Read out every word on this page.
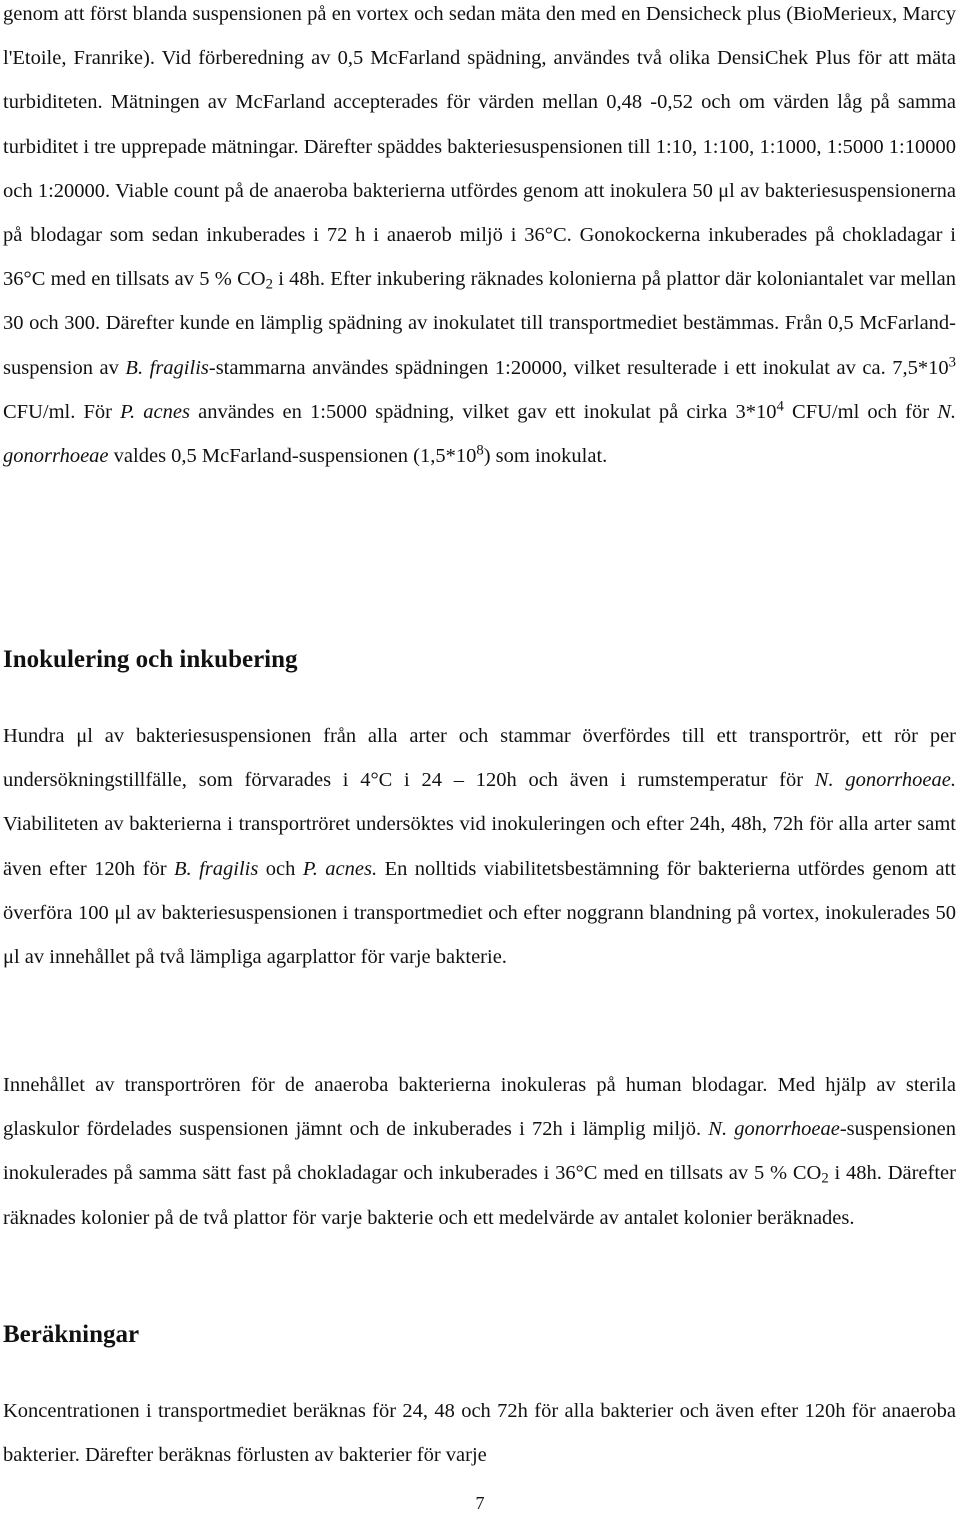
genom att först blanda suspensionen på en vortex och sedan mäta den med en Densicheck plus (BioMerieux, Marcy l'Etoile, Franrike). Vid förberedning av 0,5 McFarland spädning, användes två olika DensiChek Plus för att mäta turbiditeten. Mätningen av McFarland accepterades för värden mellan 0,48 -0,52 och om värden låg på samma turbiditet i tre upprepade mätningar. Därefter späddes bakteriesuspensionen till 1:10, 1:100, 1:1000, 1:5000 1:10000 och 1:20000. Viable count på de anaeroba bakterierna utfördes genom att inokulera 50 μl av bakteriesuspensionerna på blodagar som sedan inkuberades i 72 h i anaerob miljö i 36°C. Gonokockerna inkuberades på chokladagar i 36°C med en tillsats av 5 % $CO_2$ i 48h. Efter inkubering räknades kolonierna på plattor där koloniantalet var mellan 30 och 300. Därefter kunde en lämplig spädning av inokulatet till transportmediet bestämmas. Från 0,5 McFarland-suspension av B. fragilis-stammarna användes spädningen 1:20000, vilket resulterade i ett inokulat av ca. $7,5*10^3$ CFU/ml. För P. acnes användes en 1:5000 spädning, vilket gav ett inokulat på cirka $3*10^4$ CFU/ml och för N. gonorrhoeae valdes 0,5 McFarland-suspensionen $(1,5*10^8)$ som inokulat.

Inokulering och inkubering

Hundra μl av bakteriesuspensionen från alla arter och stammar överfördes till ett transportrör, ett rör per undersökningstillfälle, som förvarades i 4°C i 24 – 120h och även i rumstemperatur för N. gonorrhoeae. Viabiliteten av bakterierna i transportröret undersöktes vid inokuleringen och efter 24h, 48h, 72h för alla arter samt även efter 120h för B. fragilis och P. acnes. En nolltids viabilitetsbestämning för bakterierna utfördes genom att överföra 100 μl av bakteriesuspensionen i transportmediet och efter noggrann blandning på vortex, inokulerades 50 μl av innehållet på två lämpliga agarplattor för varje bakterie.

Innehållet av transportrören för de anaeroba bakterierna inokuleras på human blodagar. Med hjälp av sterila glaskulor fördelades suspensionen jämnt och de inkuberades i 72h i lämplig miljö. N. gonorrhoeae-suspensionen inokulerades på samma sätt fast på chokladagar och inkuberades i 36°C med en tillsats av 5 % $CO_2$ i 48h. Därefter räknades kolonier på de två plattor för varje bakterie och ett medelvärde av antalet kolonier beräknades.

Beräkningar

Koncentrationen i transportmediet beräknas för 24, 48 och 72h för alla bakterier och även efter 120h för anaeroba bakterier. Därefter beräknas förlusten av bakterier för varje

7
